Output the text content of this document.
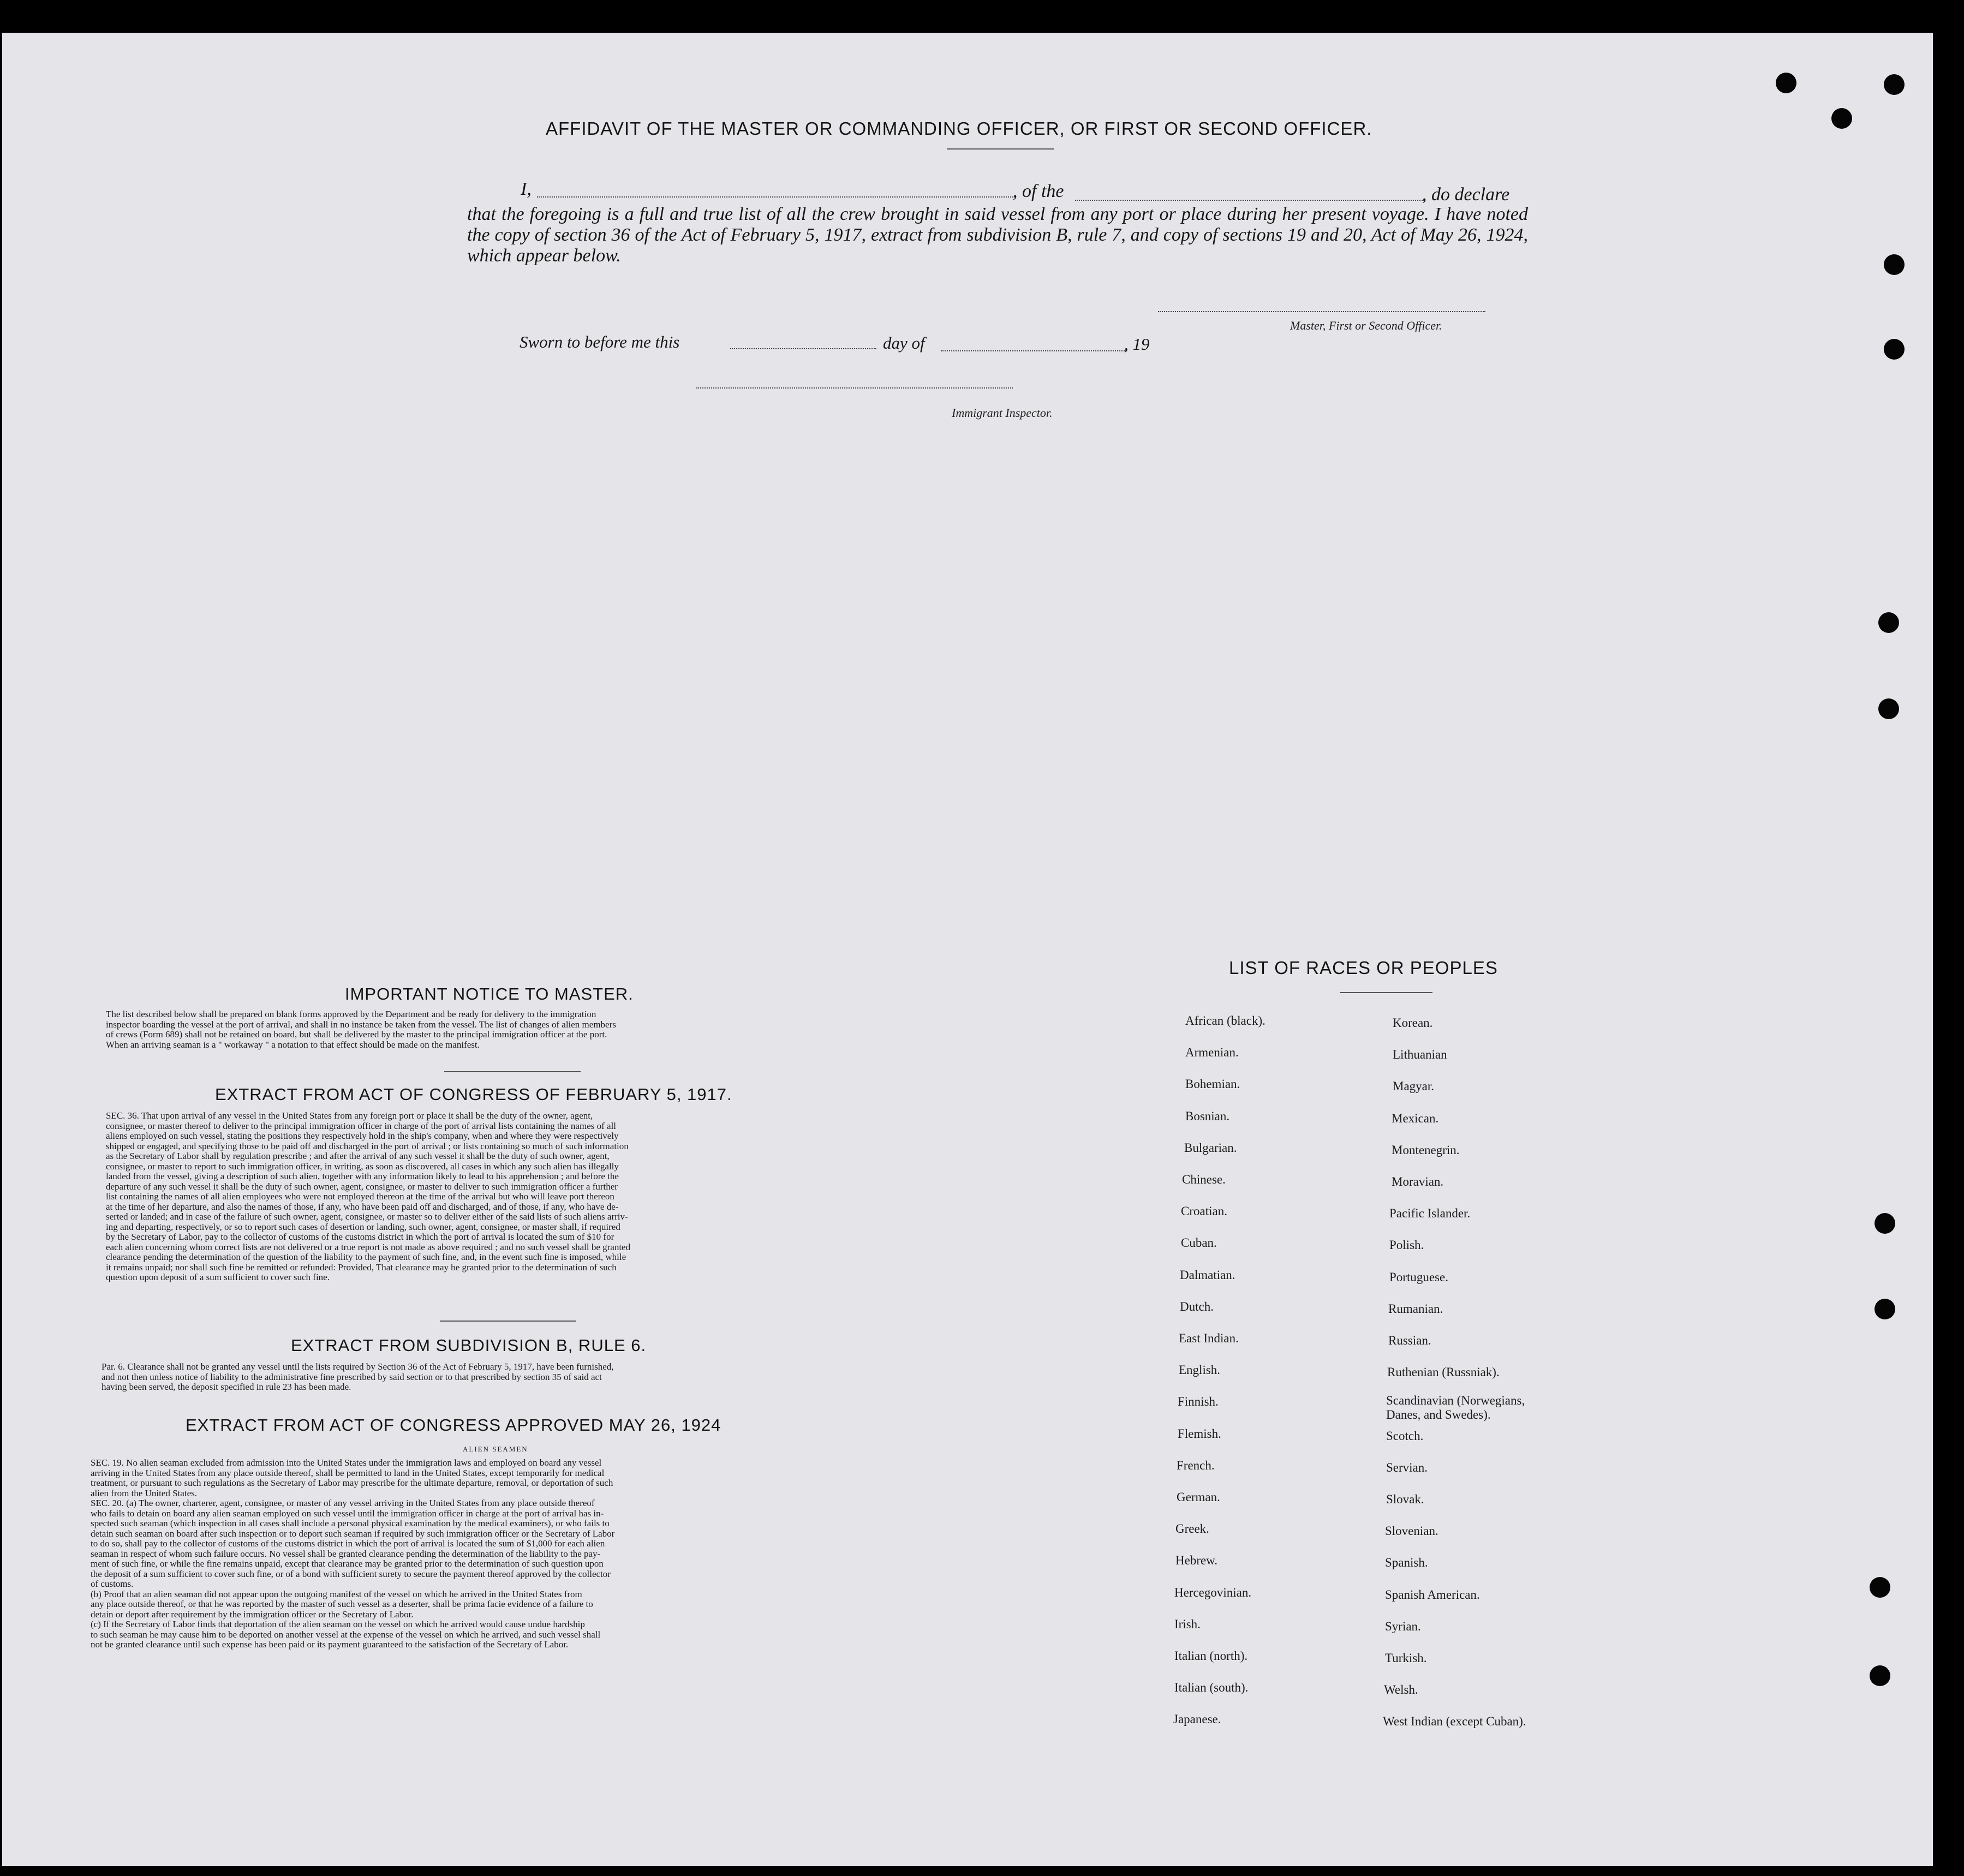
AFFIDAVIT OF THE MASTER OR COMMANDING OFFICER, OR FIRST OR SECOND OFFICER.
I,	, of the	, do declare
that the foregoing is a full and true list of all the crew brought in said vessel from any port or place during her present voyage. I have noted the copy of section 36 of the Act of February 5, 1917, extract from subdivision B, rule 7, and copy of sections 19 and 20, Act of May 26, 1924, which appear below.
Master, First or Second Officer.
Sworn to before me this	day of	, 19
Immigrant Inspector.
IMPORTANT NOTICE TO MASTER.
The list described below shall be prepared on blank forms approved by the Department and be ready for delivery to the immigration
inspector boarding the vessel at the port of arrival, and shall in no instance be taken from the vessel. The list of changes of alien members
of crews (Form 689) shall not be retained on board, but shall be delivered by the master to the principal immigration officer at the port.
When an arriving seaman is a " workaway " a notation to that effect should be made on the manifest.
EXTRACT FROM ACT OF CONGRESS OF FEBRUARY 5, 1917.
SEC. 36. That upon arrival of any vessel in the United States from any foreign port or place it shall be the duty of the owner, agent,
consignee, or master thereof to deliver to the principal immigration officer in charge of the port of arrival lists containing the names of all
aliens employed on such vessel, stating the positions they respectively hold in the ship's company, when and where they were respectively
shipped or engaged, and specifying those to be paid off and discharged in the port of arrival ; or lists containing so much of such information
as the Secretary of Labor shall by regulation prescribe ; and after the arrival of any such vessel it shall be the duty of such owner, agent,
consignee, or master to report to such immigration officer, in writing, as soon as discovered, all cases in which any such alien has illegally
landed from the vessel, giving a description of such alien, together with any information likely to lead to his apprehension ; and before the
departure of any such vessel it shall be the duty of such owner, agent, consignee, or master to deliver to such immigration officer a further
list containing the names of all alien employees who were not employed thereon at the time of the arrival but who will leave port thereon
at the time of her departure, and also the names of those, if any, who have been paid off and discharged, and of those, if any, who have de-
serted or landed; and in case of the failure of such owner, agent, consignee, or master so to deliver either of the said lists of such aliens arriv-
ing and departing, respectively, or so to report such cases of desertion or landing, such owner, agent, consignee, or master shall, if required
by the Secretary of Labor, pay to the collector of customs of the customs district in which the port of arrival is located the sum of $10 for
each alien concerning whom correct lists are not delivered or a true report is not made as above required ; and no such vessel shall be granted
clearance pending the determination of the question of the liability to the payment of such fine, and, in the event such fine is imposed, while
it remains unpaid; nor shall such fine be remitted or refunded: Provided, That clearance may be granted prior to the determination of such
question upon deposit of a sum sufficient to cover such fine.
EXTRACT FROM SUBDIVISION B, RULE 6.
Par. 6. Clearance shall not be granted any vessel until the lists required by Section 36 of the Act of February 5, 1917, have been furnished,
and not then unless notice of liability to the administrative fine prescribed by said section or to that prescribed by section 35 of said act
having been served, the deposit specified in rule 23 has been made.
EXTRACT FROM ACT OF CONGRESS APPROVED MAY 26, 1924
ALIEN SEAMEN
SEC. 19. No alien seaman excluded from admission into the United States under the immigration laws and employed on board any vessel
arriving in the United States from any place outside thereof, shall be permitted to land in the United States, except temporarily for medical
treatment, or pursuant to such regulations as the Secretary of Labor may prescribe for the ultimate departure, removal, or deportation of such
alien from the United States.
SEC. 20. (a) The owner, charterer, agent, consignee, or master of any vessel arriving in the United States from any place outside thereof
who fails to detain on board any alien seaman employed on such vessel until the immigration officer in charge at the port of arrival has in-
spected such seaman (which inspection in all cases shall include a personal physical examination by the medical examiners), or who fails to
detain such seaman on board after such inspection or to deport such seaman if required by such immigration officer or the Secretary of Labor
to do so, shall pay to the collector of customs of the customs district in which the port of arrival is located the sum of $1,000 for each alien
seaman in respect of whom such failure occurs. No vessel shall be granted clearance pending the determination of the liability to the pay-
ment of such fine, or while the fine remains unpaid, except that clearance may be granted prior to the determination of such question upon
the deposit of a sum sufficient to cover such fine, or of a bond with sufficient surety to secure the payment thereof approved by the collector
of customs.
(b) Proof that an alien seaman did not appear upon the outgoing manifest of the vessel on which he arrived in the United States from
any place outside thereof, or that he was reported by the master of such vessel as a deserter, shall be prima facie evidence of a failure to
detain or deport after requirement by the immigration officer or the Secretary of Labor.
(c) If the Secretary of Labor finds that deportation of the alien seaman on the vessel on which he arrived would cause undue hardship
to such seaman he may cause him to be deported on another vessel at the expense of the vessel on which he arrived, and such vessel shall
not be granted clearance until such expense has been paid or its payment guaranteed to the satisfaction of the Secretary of Labor.
LIST OF RACES OR PEOPLES
African (black).
Armenian.
Bohemian.
Bosnian.
Bulgarian.
Chinese.
Croatian.
Cuban.
Dalmatian.
Dutch.
East Indian.
English.
Finnish.
Flemish.
French.
German.
Greek.
Hebrew.
Hercegovinian.
Irish.
Italian (north).
Italian (south).
Japanese.
Korean.
Lithuanian
Magyar.
Mexican.
Montenegrin.
Moravian.
Pacific Islander.
Polish.
Portuguese.
Rumanian.
Russian.
Ruthenian (Russniak).
Scandinavian (Norwegians,
Danes, and Swedes).
Scotch.
Servian.
Slovak.
Slovenian.
Spanish.
Spanish American.
Syrian.
Turkish.
Welsh.
West Indian (except Cuban).
